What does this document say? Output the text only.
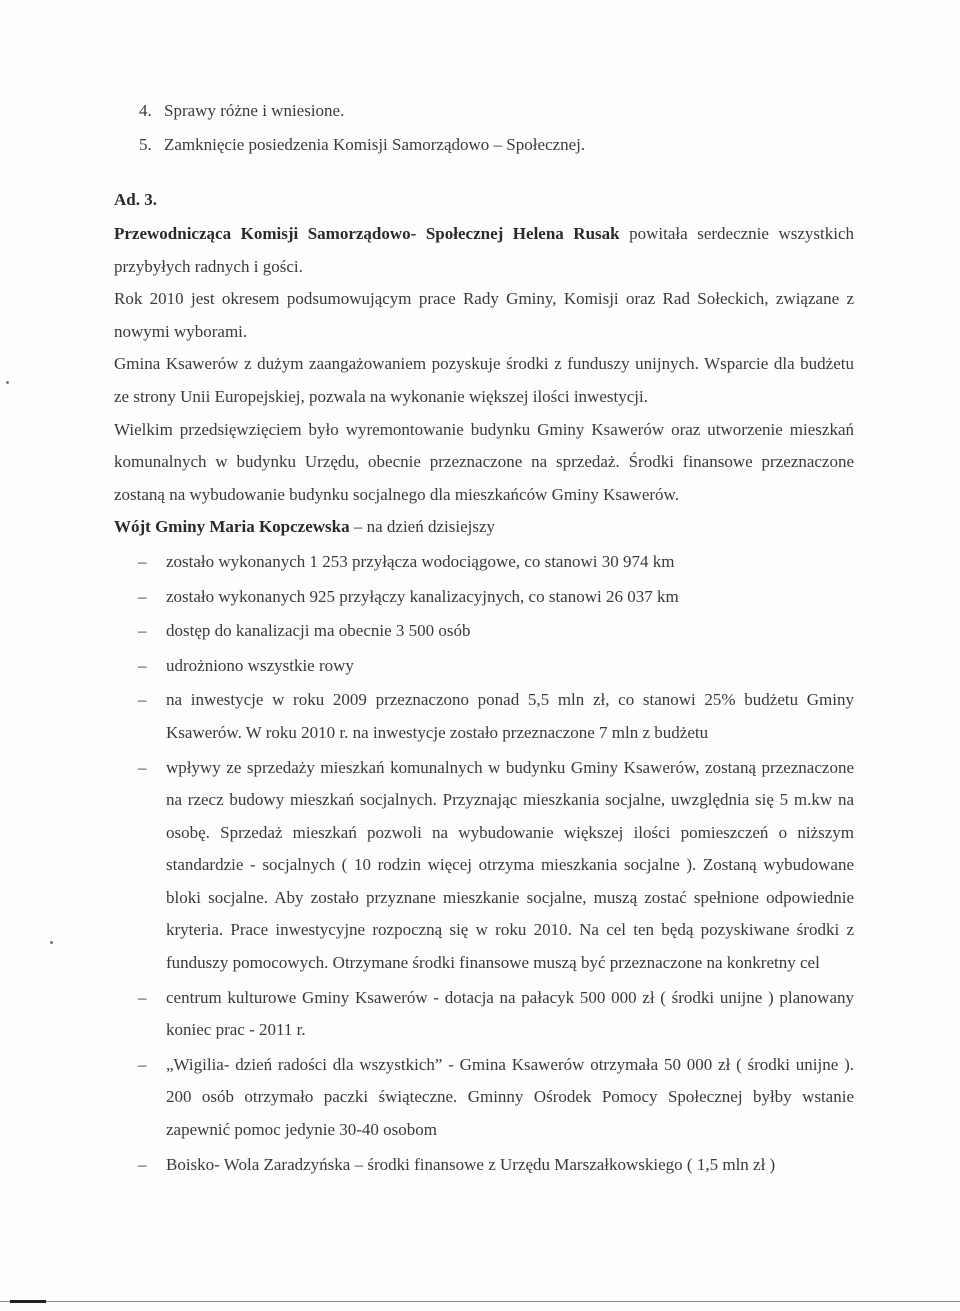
4. Sprawy różne i wniesione.
5. Zamknięcie posiedzenia Komisji Samorządowo – Społecznej.
Ad. 3.

Przewodnicząca Komisji Samorządowo- Społecznej Helena Rusak powitała serdecznie wszystkich przybyłych radnych i gości.

Rok 2010 jest okresem podsumowującym prace Rady Gminy, Komisji oraz Rad Sołeckich, związane z nowymi wyborami.

Gmina Ksawerów z dużym zaangażowaniem pozyskuje środki z funduszy unijnych. Wsparcie dla budżetu ze strony Unii Europejskiej, pozwala na wykonanie większej ilości inwestycji.

Wielkim przedsięwzięciem było wyremontowanie budynku Gminy Ksawerów oraz utworzenie mieszkań komunalnych w budynku Urzędu, obecnie przeznaczone na sprzedaż. Środki finansowe przeznaczone zostaną na wybudowanie budynku socjalnego dla mieszkańców Gminy Ksawerów.

Wójt Gminy Maria Kopczewska – na dzień dzisiejszy

– zostało wykonanych 1 253 przyłącza wodociągowe, co stanowi 30 974 km
– zostało wykonanych 925 przyłączy kanalizacyjnych, co stanowi 26 037 km
– dostęp do kanalizacji ma obecnie 3 500 osób
– udrożniono wszystkie rowy
– na inwestycje w roku 2009 przeznaczono ponad 5,5 mln zł, co stanowi 25% budżetu Gminy Ksawerów. W roku 2010 r. na inwestycje zostało przeznaczone 7 mln z budżetu
– wpływy ze sprzedaży mieszkań komunalnych w budynku Gminy Ksawerów, zostaną przeznaczone na rzecz budowy mieszkań socjalnych. Przyznając mieszkania socjalne, uwzględnia się 5 m.kw na osobę. Sprzedaż mieszkań pozwoli na wybudowanie większej ilości pomieszczeń o niższym standardzie - socjalnych ( 10 rodzin więcej otrzyma mieszkania socjalne ). Zostaną wybudowane bloki socjalne. Aby zostało przyznane mieszkanie socjalne, muszą zostać spełnione odpowiednie kryteria. Prace inwestycyjne rozpoczną się w roku 2010. Na cel ten będą pozyskiwane środki z funduszy pomocowych. Otrzymane środki finansowe muszą być przeznaczone na konkretny cel
– centrum kulturowe Gminy Ksawerów - dotacja na pałacyk 500 000 zł ( środki unijne ) planowany koniec prac - 2011 r.
– „Wigilia- dzień radości dla wszystkich” - Gmina Ksawerów otrzymała 50 000 zł ( środki unijne ). 200 osób otrzymało paczki świąteczne. Gminny Ośrodek Pomocy Społecznej byłby wstanie zapewnić pomoc jedynie 30-40 osobom
– Boisko- Wola Zaradzyńska – środki finansowe z Urzędu Marszałkowskiego ( 1,5 mln zł )
